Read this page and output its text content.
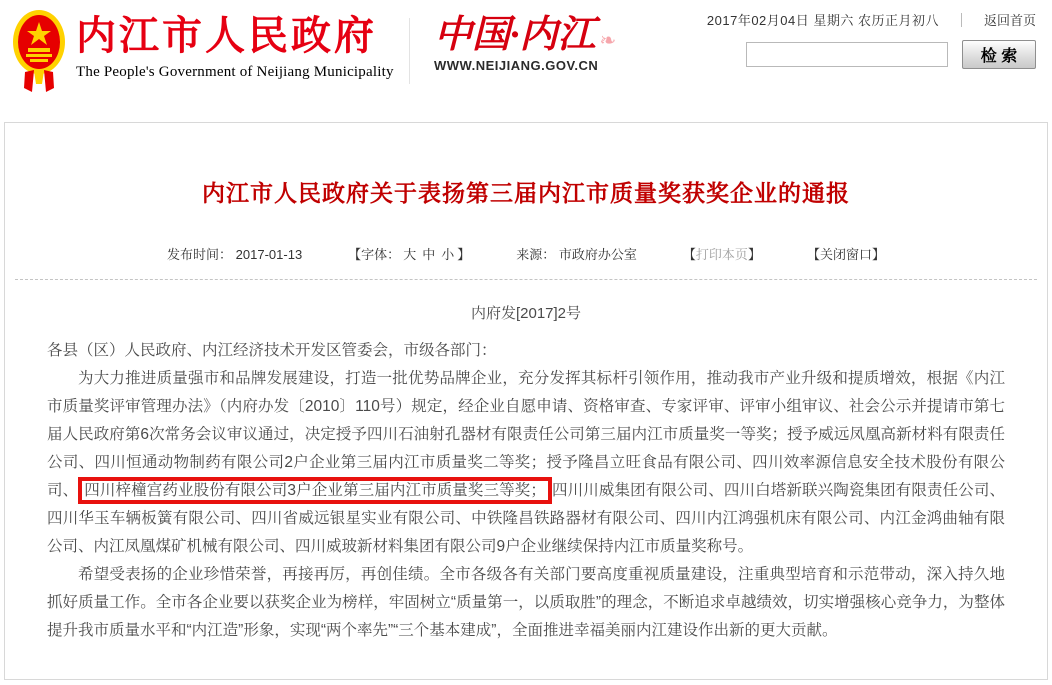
内江市人民政府
The People's Government of Neijiang Municipality
中国·内江 ❧
WWW.NEIJIANG.GOV.CN
2017年02月04日 星期六 农历正月初八	返回首页
检 索
内江市人民政府关于表扬第三届内江市质量奖获奖企业的通报
发布时间： 2017-01-13	【字体： 大 中 小 】	来源： 市政府办公室	【打印本页】	【关闭窗口】
内府发[2017]2号
各县（区）人民政府、内江经济技术开发区管委会，市级各部门：

为大力推进质量强市和品牌发展建设，打造一批优势品牌企业，充分发挥其标杆引领作用，推动我市产业升级和提质增效，根据《内江市质量奖评审管理办法》（内府办发〔2010〕110号）规定，经企业自愿申请、资格审查、专家评审、评审小组审议、社会公示并提请市第七届人民政府第6次常务会议审议通过，决定授予四川石油射孔器材有限责任公司第三届内江市质量奖一等奖；授予威远凤凰高新材料有限责任公司、四川恒通动物制药有限公司2户企业第三届内江市质量奖二等奖；授予隆昌立旺食品有限公司、四川效率源信息安全技术股份有限公司、 四川梓橦宫药业股份有限公司3户企业第三届内江市质量奖三等奖； 四川川威集团有限公司、四川白塔新联兴陶瓷集团有限责任公司、四川华玉车辆板簧有限公司、四川省威远银星实业有限公司、中铁隆昌铁路器材有限公司、四川内江鸿强机床有限公司、内江金鸿曲轴有限公司、内江凤凰煤矿机械有限公司、四川威玻新材料集团有限公司9户企业继续保持内江市质量奖称号。

希望受表扬的企业珍惜荣誉，再接再厉，再创佳绩。全市各级各有关部门要高度重视质量建设，注重典型培育和示范带动，深入持久地抓好质量工作。全市各企业要以获奖企业为榜样，牢固树立“质量第一，以质取胜”的理念，不断追求卓越绩效，切实增强核心竞争力，为整体提升我市质量水平和“内江造”形象，实现“两个率先”“三个基本建成”，全面推进幸福美丽内江建设作出新的更大贡献。
